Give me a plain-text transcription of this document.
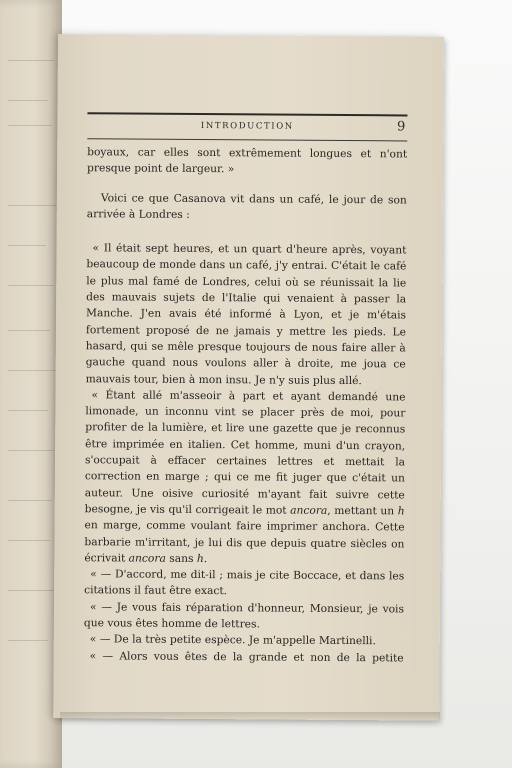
INTRODUCTION	9

boyaux, car elles sont extrêmement longues et n'ont presque point de largeur. »

Voici ce que Casanova vit dans un café, le jour de son arrivée à Londres :

« Il était sept heures, et un quart d'heure après, voyant beaucoup de monde dans un café, j'y entrai. C'était le café le plus mal famé de Londres, celui où se réunissait la lie des mauvais sujets de l'Italie qui venaient à passer la Manche. J'en avais été informé à Lyon, et je m'étais fortement proposé de ne jamais y mettre les pieds. Le hasard, qui se mêle presque toujours de nous faire aller à gauche quand nous voulons aller à droite, me joua ce mauvais tour, bien à mon insu. Je n'y suis plus allé.

« Étant allé m'asseoir à part et ayant demandé une limonade, un inconnu vint se placer près de moi, pour profiter de la lumière, et lire une gazette que je reconnus être imprimée en italien. Cet homme, muni d'un crayon, s'occupait à effacer certaines lettres et mettait la correction en marge ; qui ce me fit juger que c'était un auteur. Une oisive curiosité m'ayant fait suivre cette besogne, je vis qu'il corrigeait le mot ancora, mettant un h en marge, comme voulant faire imprimer anchora. Cette barbarie m'irritant, je lui dis que depuis quatre siècles on écrivait ancora sans h.

« — D'accord, me dit-il ; mais je cite Boccace, et dans les citations il faut être exact.

« — Je vous fais réparation d'honneur, Monsieur, je vois que vous êtes homme de lettres.

« — De la très petite espèce. Je m'appelle Martinelli.

« — Alors vous êtes de la grande et non de la petite
